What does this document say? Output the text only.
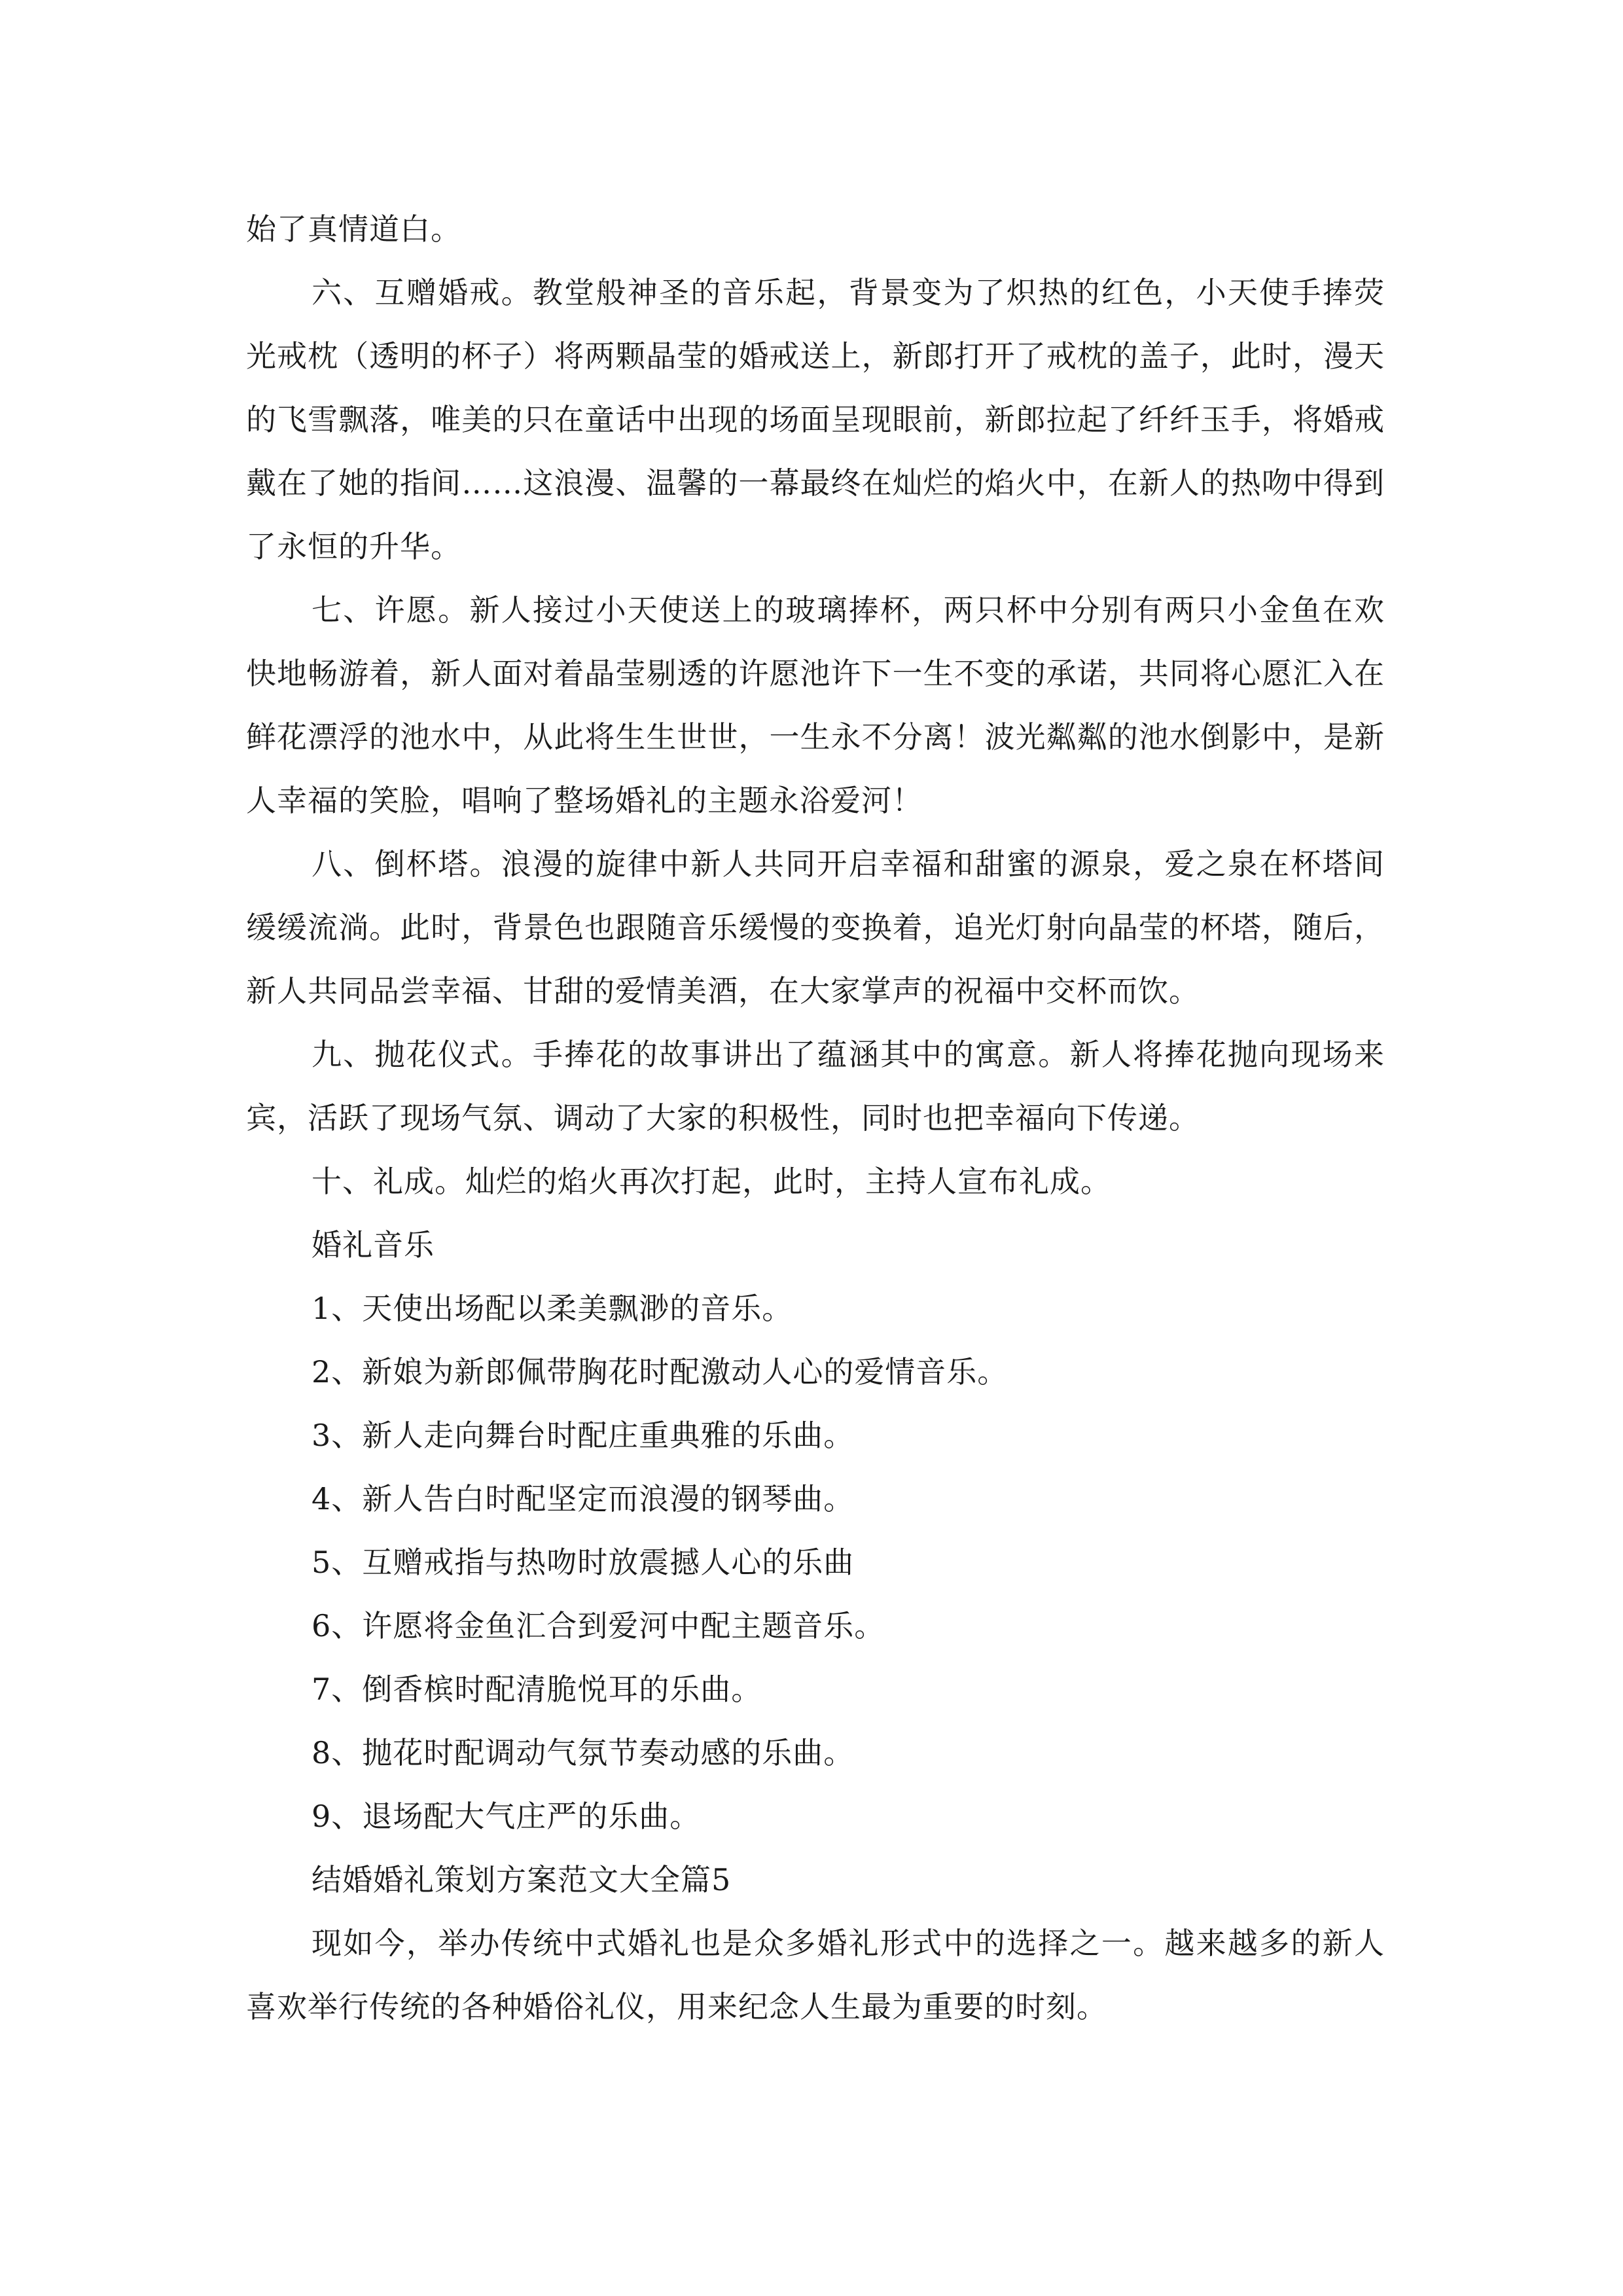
始了真情道白。

六、互赠婚戒。教堂般神圣的音乐起，背景变为了炽热的红色，小天使手捧荧光戒枕（透明的杯子）将两颗晶莹的婚戒送上，新郎打开了戒枕的盖子，此时，漫天的飞雪飘落，唯美的只在童话中出现的场面呈现眼前，新郎拉起了纤纤玉手，将婚戒戴在了她的指间……这浪漫、温馨的一幕最终在灿烂的焰火中，在新人的热吻中得到了永恒的升华。

七、许愿。新人接过小天使送上的玻璃捧杯，两只杯中分别有两只小金鱼在欢快地畅游着，新人面对着晶莹剔透的许愿池许下一生不变的承诺，共同将心愿汇入在鲜花漂浮的池水中，从此将生生世世，一生永不分离！波光粼粼的池水倒影中，是新人幸福的笑脸，唱响了整场婚礼的主题永浴爱河！

八、倒杯塔。浪漫的旋律中新人共同开启幸福和甜蜜的源泉，爱之泉在杯塔间缓缓流淌。此时，背景色也跟随音乐缓慢的变换着，追光灯射向晶莹的杯塔，随后，新人共同品尝幸福、甘甜的爱情美酒，在大家掌声的祝福中交杯而饮。

九、抛花仪式。手捧花的故事讲出了蕴涵其中的寓意。新人将捧花抛向现场来宾，活跃了现场气氛、调动了大家的积极性，同时也把幸福向下传递。

十、礼成。灿烂的焰火再次打起，此时，主持人宣布礼成。

婚礼音乐
1、天使出场配以柔美飘渺的音乐。
2、新娘为新郎佩带胸花时配激动人心的爱情音乐。
3、新人走向舞台时配庄重典雅的乐曲。
4、新人告白时配坚定而浪漫的钢琴曲。
5、互赠戒指与热吻时放震撼人心的乐曲
6、许愿将金鱼汇合到爱河中配主题音乐。
7、倒香槟时配清脆悦耳的乐曲。
8、抛花时配调动气氛节奏动感的乐曲。
9、退场配大气庄严的乐曲。
结婚婚礼策划方案范文大全篇5

现如今，举办传统中式婚礼也是众多婚礼形式中的选择之一。越来越多的新人喜欢举行传统的各种婚俗礼仪，用来纪念人生最为重要的时刻。
